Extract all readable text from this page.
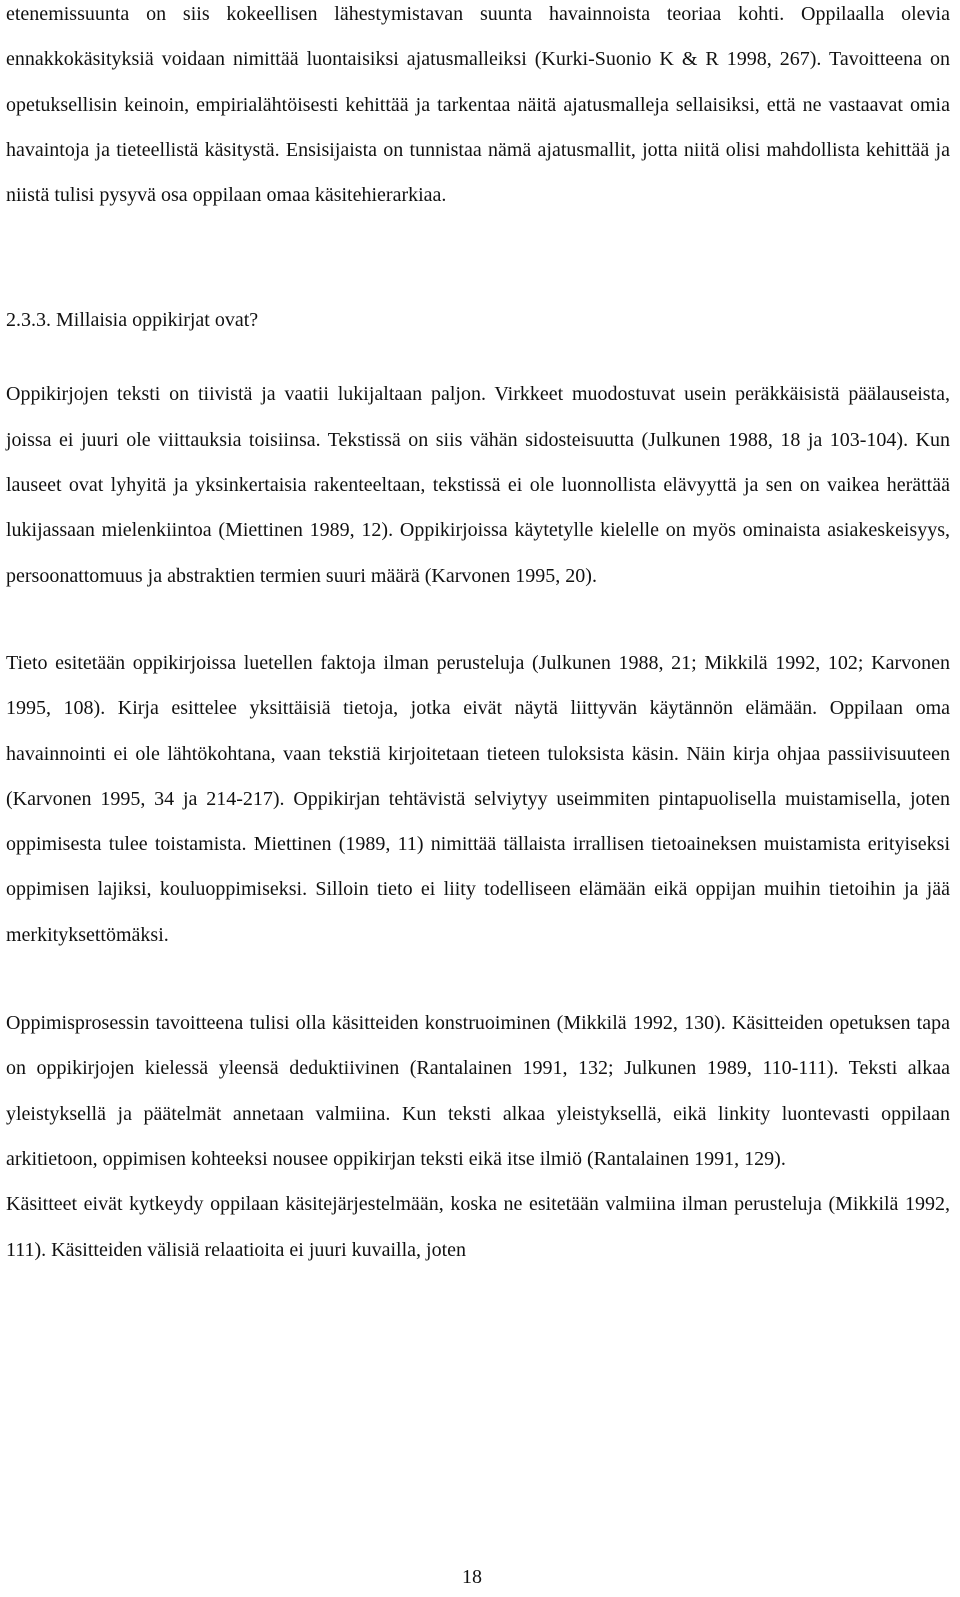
etenemissuunta on siis kokeellisen lähestymistavan suunta havainnoista teoriaa kohti. Oppilaalla olevia ennakkokäsityksiä voidaan nimittää luontaisiksi ajatusmalleiksi (Kurki-Suonio K & R 1998, 267). Tavoitteena on opetuksellisin keinoin, empirialähtöisesti kehittää ja tarkentaa näitä ajatusmalleja sellaisiksi, että ne vastaavat omia havaintoja ja tieteellistä käsitystä. Ensisijaista on tunnistaa nämä ajatusmallit, jotta niitä olisi mahdollista kehittää ja niistä tulisi pysyvä osa oppilaan omaa käsitehierarkiaa.

2.3.3. Millaisia oppikirjat ovat?

Oppikirjojen teksti on tiivistä ja vaatii lukijaltaan paljon. Virkkeet muodostuvat usein peräkkäisistä päälauseista, joissa ei juuri ole viittauksia toisiinsa. Tekstissä on siis vähän sidosteisuutta (Julkunen 1988, 18 ja 103-104). Kun lauseet ovat lyhyitä ja yksinkertaisia rakenteeltaan, tekstissä ei ole luonnollista elävyyttä ja sen on vaikea herättää lukijassaan mielenkiintoa (Miettinen 1989, 12). Oppikirjoissa käytetylle kielelle on myös ominaista asiakeskeisyys, persoonattomuus ja abstraktien termien suuri määrä (Karvonen 1995, 20).

Tieto esitetään oppikirjoissa luetellen faktoja ilman perusteluja (Julkunen 1988, 21; Mikkilä 1992, 102; Karvonen 1995, 108). Kirja esittelee yksittäisiä tietoja, jotka eivät näytä liittyvän käytännön elämään. Oppilaan oma havainnointi ei ole lähtökohtana, vaan tekstiä kirjoitetaan tieteen tuloksista käsin. Näin kirja ohjaa passiivisuuteen (Karvonen 1995, 34 ja 214-217). Oppikirjan tehtävistä selviytyy useimmiten pintapuolisella muistamisella, joten oppimisesta tulee toistamista. Miettinen (1989, 11) nimittää tällaista irrallisen tietoaineksen muistamista erityiseksi oppimisen lajiksi, kouluoppimiseksi. Silloin tieto ei liity todelliseen elämään eikä oppijan muihin tietoihin ja jää merkityksettömäksi.

Oppimisprosessin tavoitteena tulisi olla käsitteiden konstruoiminen (Mikkilä 1992, 130). Käsitteiden opetuksen tapa on oppikirjojen kielessä yleensä deduktiivinen (Rantalainen 1991, 132; Julkunen 1989, 110-111). Teksti alkaa yleistyksellä ja päätelmät annetaan valmiina. Kun teksti alkaa yleistyksellä, eikä linkity luontevasti oppilaan arkitietoon, oppimisen kohteeksi nousee oppikirjan teksti eikä itse ilmiö (Rantalainen 1991, 129).

Käsitteet eivät kytkeydy oppilaan käsitejärjestelmään, koska ne esitetään valmiina ilman perusteluja (Mikkilä 1992, 111). Käsitteiden välisiä relaatioita ei juuri kuvailla, joten

18
